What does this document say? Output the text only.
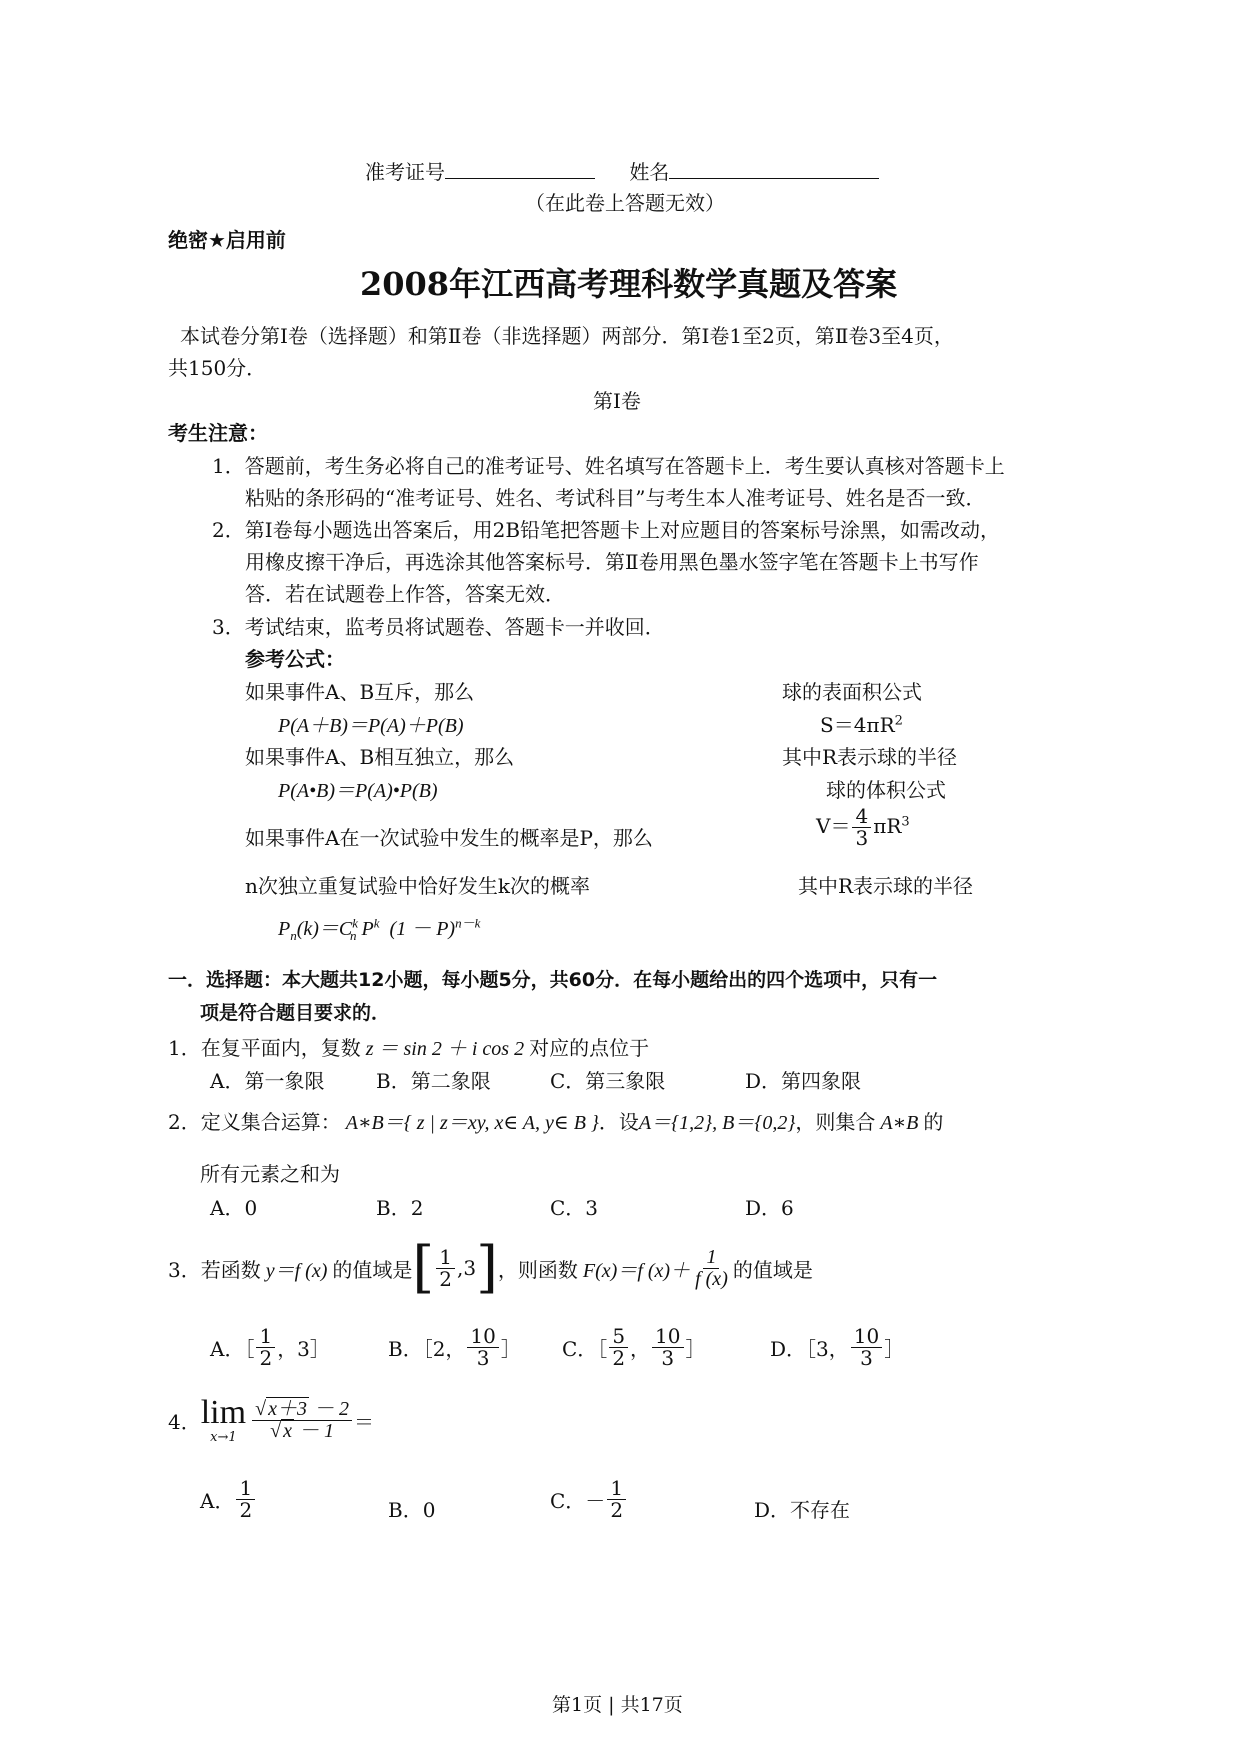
准考证号	姓名
（在此卷上答题无效）
绝密★启用前
2008年江西高考理科数学真题及答案
本试卷分第Ⅰ卷（选择题）和第Ⅱ卷（非选择题）两部分．第Ⅰ卷1至2页，第Ⅱ卷3至4页，
共150分．
第Ⅰ卷
考生注意：
1．答题前，考生务必将自己的准考证号、姓名填写在答题卡上．考生要认真核对答题卡上
粘贴的条形码的“准考证号、姓名、考试科目”与考生本人准考证号、姓名是否一致．
2．第Ⅰ卷每小题选出答案后，用2B铅笔把答题卡上对应题目的答案标号涂黑，如需改动，
用橡皮擦干净后，再选涂其他答案标号．第Ⅱ卷用黑色墨水签字笔在答题卡上书写作
答．若在试题卷上作答，答案无效．
3．考试结束，监考员将试题卷、答题卡一并收回．
参考公式：
如果事件A、B互斥，那么
P(A＋B)＝P(A)＋P(B)
如果事件A、B相互独立，那么
P(A•B)＝P(A)•P(B)
如果事件A在一次试验中发生的概率是P，那么
n次独立重复试验中恰好发生k次的概率
$P_n(k)=C^k_n$ $P^k$  $(1 - P)^{n-k}$
球的表面积公式
$S=4\pi R^2$
其中R表示球的半径
球的体积公式
$V= \frac{4}{3} \pi R^3$
其中R表示球的半径
一．选择题：本大题共12小题，每小题5分，共60分．在每小题给出的四个选项中，只有一
项是符合题目要求的．
1．在复平面内，复数 z ＝ sin 2 ＋ i cos 2 对应的点位于
A．第一象限	B．第二象限	C．第三象限	D．第四象限
2．定义集合运算： A∗B＝{ z | z＝xy, x∈ A, y∈ B }．设A＝{1,2}, B＝{0,2}，则集合 A∗B 的
所有元素之和为
A．0	B．2	C．3	D．6
3．若函数 y＝f (x) 的值域是 [ $\frac{1}{2} ,3$ ] ，则函数 F(x)＝f $(x)+ \frac{1}{f (x)}$ 的值域是
A．［ $\frac{1}{2}$ ，3］	B．［2， $\frac{10}{3}$ ］ C．［ $\frac{5}{2}$ ， $\frac{10}{3}$ ］	D．［3， $\frac{10}{3}$ ］
4． lim
$x\to 1 \frac{√ x+3 - 2}{√ x - 1}$ ＝
A． $\frac{1}{2}$	B．0	C．－ $\frac{1}{2}$	D．不存在
第1页 | 共17页
